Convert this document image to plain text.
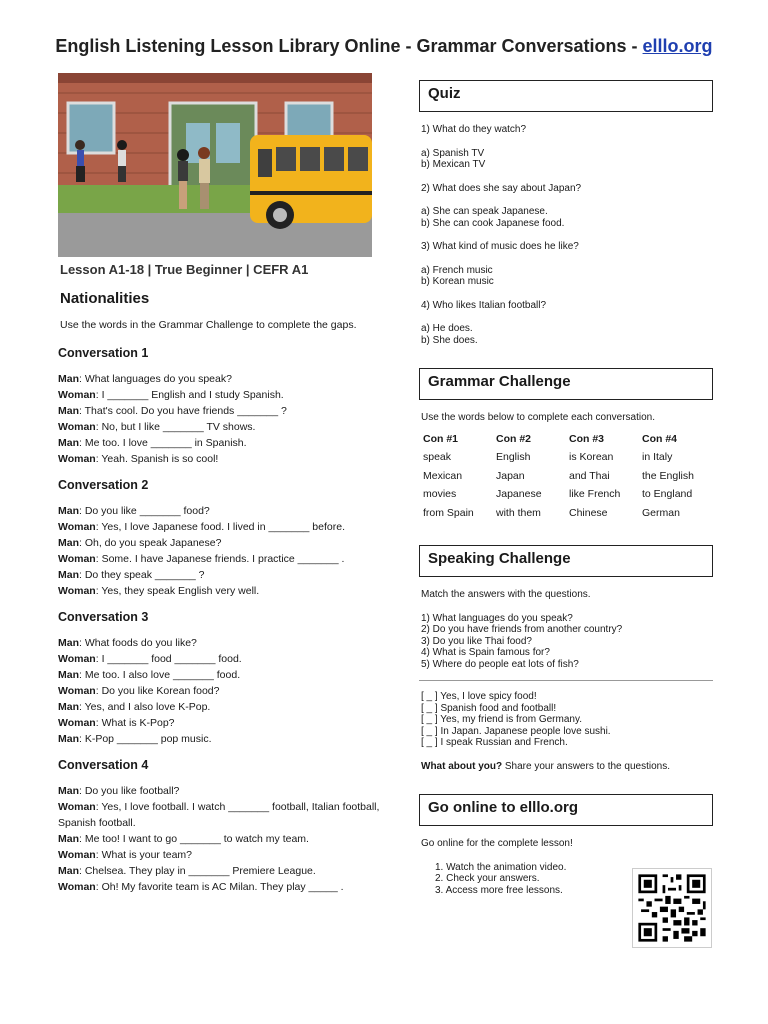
English Listening Lesson Library Online - Grammar Conversations - elllo.org
Lesson A1-18 | True Beginner | CEFR A1
Nationalities
Use the words in the Grammar Challenge to complete the gaps.
Conversation 1

Man: What languages do you speak?

Woman: I _______ English and I study Spanish.

Man: That's cool. Do you have friends _______ ?

Woman: No, but I like _______ TV shows.

Man: Me too. I love _______ in Spanish.

Woman: Yeah. Spanish is so cool!

Conversation 2

Man: Do you like _______ food?

Woman: Yes, I love Japanese food. I lived in _______ before.

Man: Oh, do you speak Japanese?

Woman: Some. I have Japanese friends. I practice _______ .

Man: Do they speak _______ ?

Woman: Yes, they speak English very well.

Conversation 3

Man: What foods do you like?

Woman: I _______ food _______ food.

Man: Me too. I also love _______ food.

Woman: Do you like Korean food?

Man: Yes, and I also love K-Pop.

Woman: What is K-Pop?

Man: K-Pop _______ pop music.

Conversation 4

Man: Do you like football?

Woman: Yes, I love football. I watch _______ football, Italian football, Spanish football.

Man: Me too! I want to go _______ to watch my team.

Woman: What is your team?

Man: Chelsea. They play in _______ Premiere League.

Woman: Oh! My favorite team is AC Milan. They play _____ .

Quiz
1) What do they watch?
a) Spanish TV
b) Mexican TV
2) What does she say about Japan?
a) She can speak Japanese.
b) She can cook Japanese food.
3) What kind of music does he like?
a) French music
b) Korean music
4) Who likes Italian football?
a) He does.
b) She does.
Grammar Challenge
Use the words below to complete each conversation.
Con #1	Con #2	Con #3	Con #4
speak	English	is Korean	in Italy
Mexican	Japan	and Thai	the English
movies	Japanese	like French	to England
from Spain	with them	Chinese	German
Speaking Challenge
Match the answers with the questions.
1) What languages do you speak?
2) Do you have friends from another country?
3) Do you like Thai food?
4) What is Spain famous for?
5) Where do people eat lots of fish?
[ _ ] Yes, I love spicy food!
[ _ ] Spanish food and football!
[ _ ] Yes, my friend is from Germany.
[ _ ] In Japan. Japanese people love sushi.
[ _ ] I speak Russian and French.
What about you? Share your answers to the questions.
Go online to elllo.org
Go online for the complete lesson!
1. Watch the animation video.
2. Check your answers.
3. Access more free lessons.
